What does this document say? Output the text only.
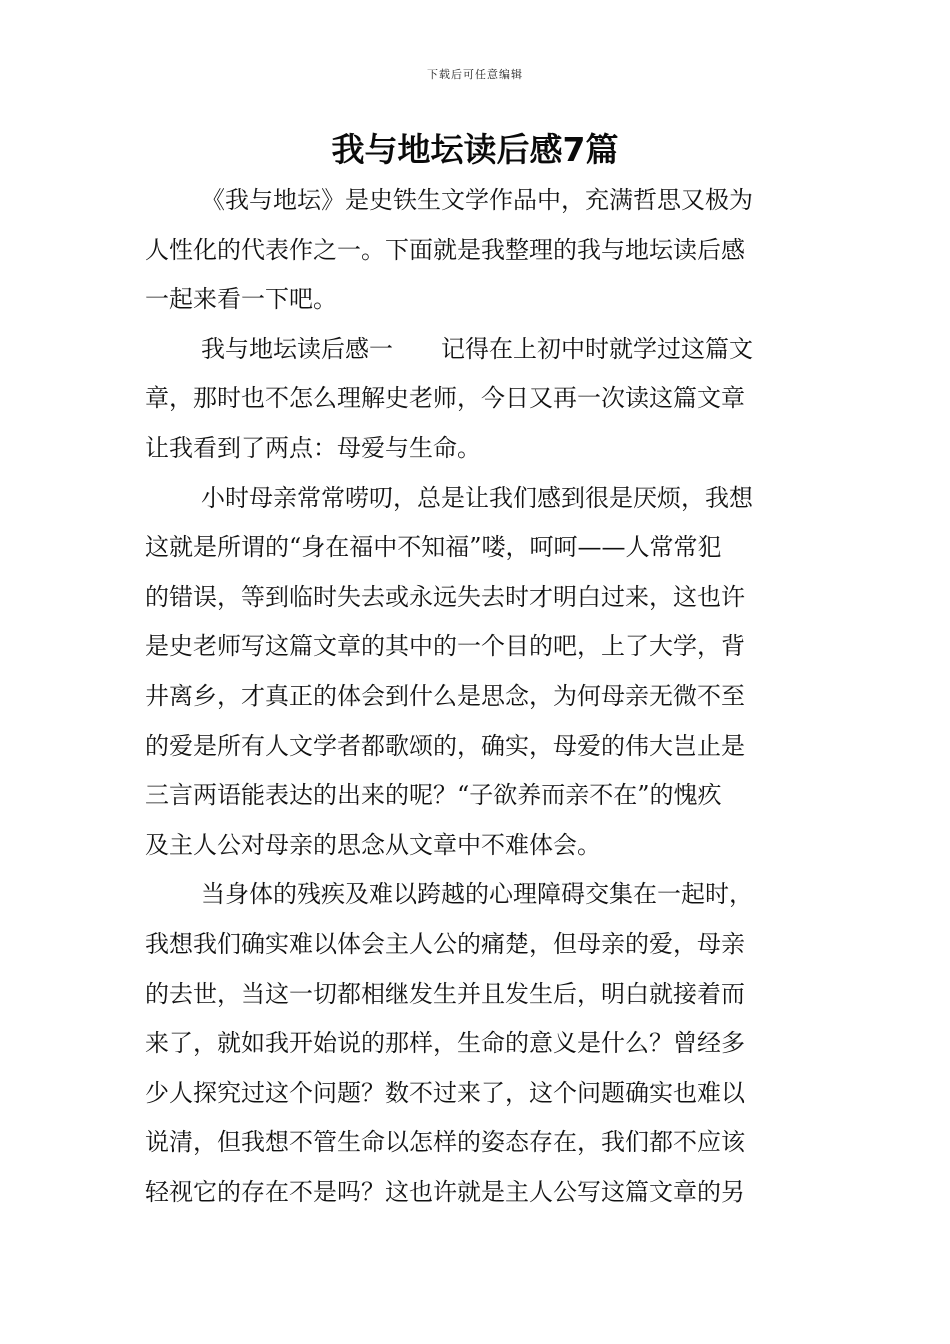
下载后可任意编辑
我与地坛读后感7篇
《我与地坛》是史铁生文学作品中，充满哲思又极为
人性化的代表作之一。下面就是我整理的我与地坛读后感
一起来看一下吧。
我与地坛读后感一　　记得在上初中时就学过这篇文
章，那时也不怎么理解史老师，今日又再一次读这篇文章
让我看到了两点：母爱与生命。
小时母亲常常唠叨，总是让我们感到很是厌烦，我想
这就是所谓的“身在福中不知福”喽，呵呵——人常常犯
的错误，等到临时失去或永远失去时才明白过来，这也许
是史老师写这篇文章的其中的一个目的吧，上了大学，背
井离乡，才真正的体会到什么是思念，为何母亲无微不至
的爱是所有人文学者都歌颂的，确实，母爱的伟大岂止是
三言两语能表达的出来的呢？“子欲养而亲不在”的愧疚
及主人公对母亲的思念从文章中不难体会。
当身体的残疾及难以跨越的心理障碍交集在一起时，
我想我们确实难以体会主人公的痛楚，但母亲的爱，母亲
的去世，当这一切都相继发生并且发生后，明白就接着而
来了，就如我开始说的那样，生命的意义是什么？曾经多
少人探究过这个问题？数不过来了，这个问题确实也难以
说清，但我想不管生命以怎样的姿态存在，我们都不应该
轻视它的存在不是吗？这也许就是主人公写这篇文章的另
